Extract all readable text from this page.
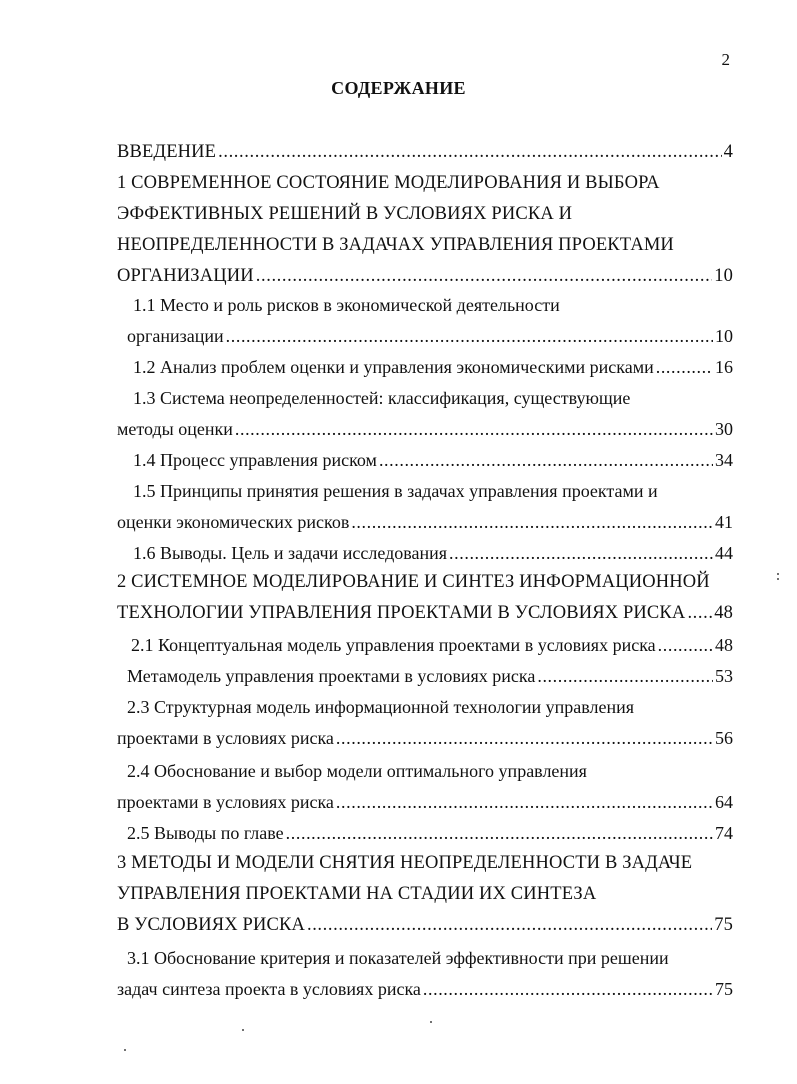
2
СОДЕРЖАНИЕ
ВВЕДЕНИЕ .....	4
1 СОВРЕМЕННОЕ СОСТОЯНИЕ МОДЕЛИРОВАНИЯ И ВЫБОРА
ЭФФЕКТИВНЫХ РЕШЕНИЙ В УСЛОВИЯХ РИСКА И
НЕОПРЕДЕЛЕННОСТИ В ЗАДАЧАХ УПРАВЛЕНИЯ ПРОЕКТАМИ
ОРГАНИЗАЦИИ .....	10
1.1 Место и роль рисков в экономической деятельности
организации .....	10
1.2 Анализ проблем оценки и управления экономическими рисками .....	16
1.3 Система неопределенностей: классификация, существующие
методы оценки .....	30
1.4 Процесс управления риском .....	34
1.5 Принципы принятия решения в задачах управления проектами и
оценки экономических рисков .....	41
1.6 Выводы. Цель и задачи исследования .....	44
2 СИСТЕМНОЕ МОДЕЛИРОВАНИЕ И СИНТЕЗ ИНФОРМАЦИОННОЙ
ТЕХНОЛОГИИ УПРАВЛЕНИЯ ПРОЕКТАМИ В УСЛОВИЯХ РИСКА ..... 48
2.1 Концептуальная модель управления проектами в условиях риска .....	48
Метамодель управления проектами в условиях риска .....	53
2.3 Структурная модель информационной технологии управления
проектами в условиях риска .....	56
2.4 Обоснование и выбор модели оптимального управления
проектами в условиях риска .....	64
2.5 Выводы по главе .....	74
3 МЕТОДЫ И МОДЕЛИ СНЯТИЯ НЕОПРЕДЕЛЕННОСТИ В ЗАДАЧЕ
УПРАВЛЕНИЯ ПРОЕКТАМИ НА СТАДИИ ИХ СИНТЕЗА
В УСЛОВИЯХ РИСКА .....	75
3.1 Обоснование критерия и показателей эффективности при решении
задач синтеза проекта в условиях риска .....	75
